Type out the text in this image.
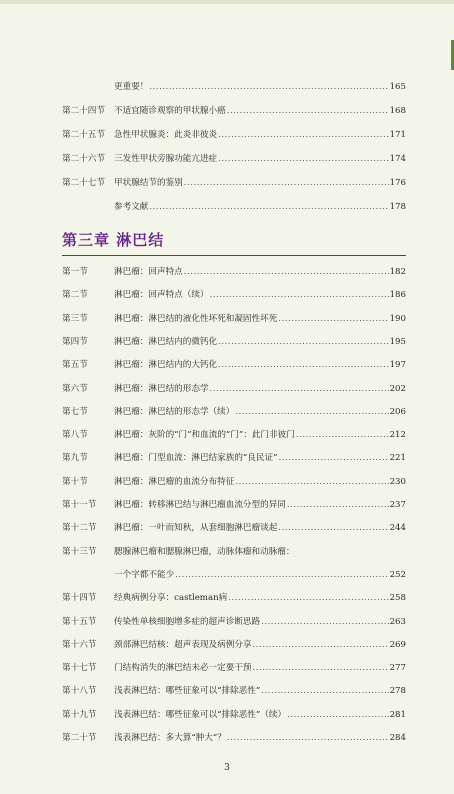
更重要！ .....	165
第二十四节	不适宜随诊观察的甲状腺小癌 .....	168
第二十五节	急性甲状腺炎：此炎非彼炎 .....	171
第二十六节	三发性甲状旁腺功能亢进症 .....	174
第二十七节	甲状腺结节的鉴别 .....	176
参考文献 .....	178
第三章 淋巴结
第一节	淋巴瘤：回声特点 .....	182
第二节	淋巴瘤：回声特点（续） .....	186
第三节	淋巴瘤：淋巴结的液化性坏死和凝固性坏死 .....	190
第四节	淋巴瘤：淋巴结内的微钙化 .....	195
第五节	淋巴瘤：淋巴结内的大钙化 .....	197
第六节	淋巴瘤：淋巴结的形态学 .....	202
第七节	淋巴瘤：淋巴结的形态学（续） .....	206
第八节	淋巴瘤：灰阶的“门”和血流的“门”：此门非彼门 .....	212
第九节	淋巴瘤：门型血流：淋巴结家族的“良民证” .....	221
第十节	淋巴瘤：淋巴瘤的血流分布特征 .....	230
第十一节	淋巴瘤：转移淋巴结与淋巴瘤血流分型的异同 .....	237
第十二节	淋巴瘤：一叶而知秋，从套细胞淋巴瘤谈起 .....	244
第十三节	腮腺淋巴瘤和腮腺淋巴瘤，动脉体瘤和动脉瘤：
一个字都不能少 .....	252
第十四节	经典病例分享：castleman病 .....	258
第十五节	传染性单核细胞增多症的超声诊断思路 .....	263
第十六节	颈部淋巴结核：超声表现及病例分享 .....	269
第十七节	门结构消失的淋巴结未必一定要干预 .....	277
第十八节	浅表淋巴结：哪些征象可以“排除恶性” .....	278
第十九节	浅表淋巴结：哪些征象可以“排除恶性”（续） .....	281
第二十节	浅表淋巴结：多大算“肿大”？ .....	284
3
